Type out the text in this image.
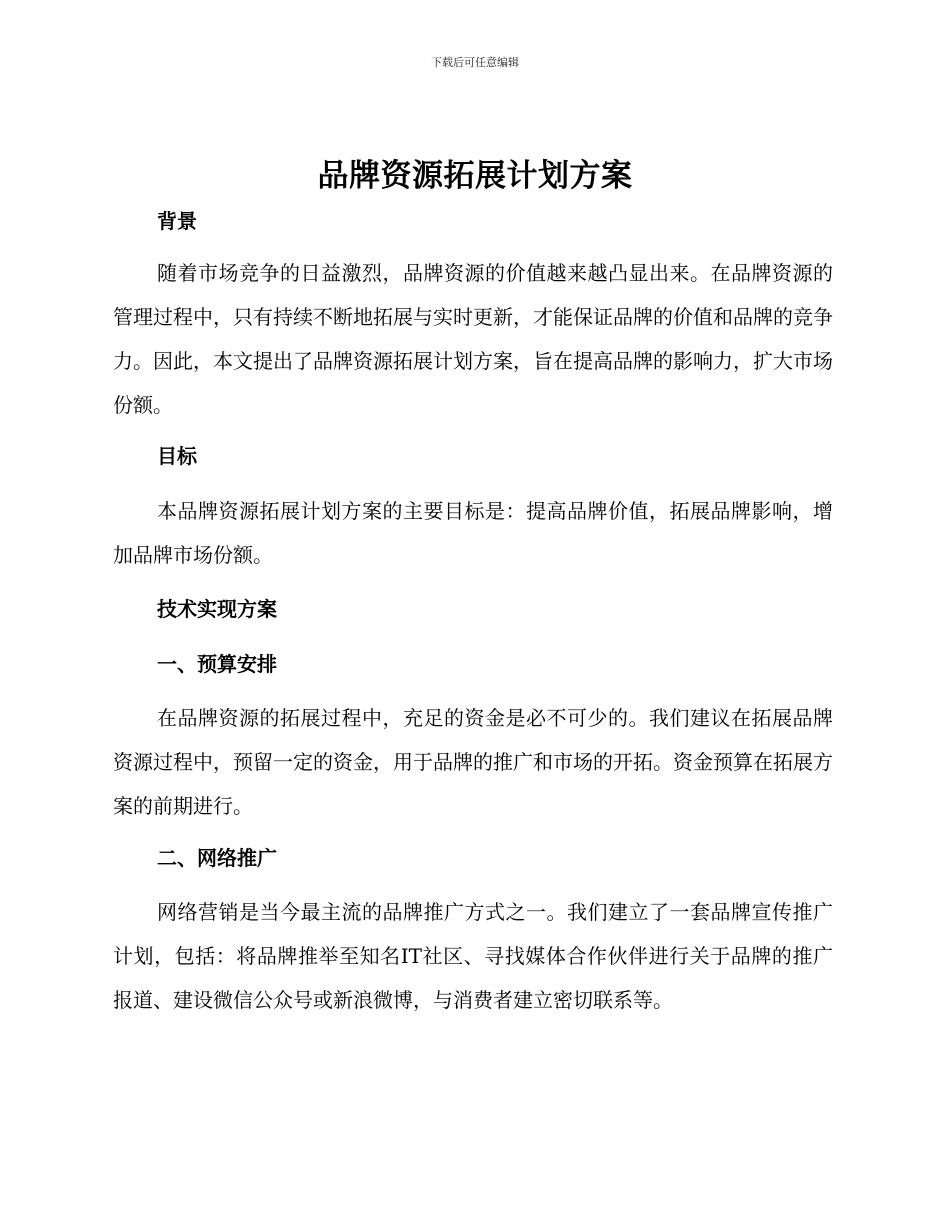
下载后可任意编辑
品牌资源拓展计划方案
背景

随着市场竞争的日益激烈，品牌资源的价值越来越凸显出来。在品牌资源的管理过程中，只有持续不断地拓展与实时更新，才能保证品牌的价值和品牌的竞争力。因此，本文提出了品牌资源拓展计划方案，旨在提高品牌的影响力，扩大市场份额。

目标

本品牌资源拓展计划方案的主要目标是：提高品牌价值，拓展品牌影响，增加品牌市场份额。

技术实现方案
一、预算安排

在品牌资源的拓展过程中，充足的资金是必不可少的。我们建议在拓展品牌资源过程中，预留一定的资金，用于品牌的推广和市场的开拓。资金预算在拓展方案的前期进行。

二、网络推广

网络营销是当今最主流的品牌推广方式之一。我们建立了一套品牌宣传推广计划，包括：将品牌推举至知名IT社区、寻找媒体合作伙伴进行关于品牌的推广报道、建设微信公众号或新浪微博，与消费者建立密切联系等。
